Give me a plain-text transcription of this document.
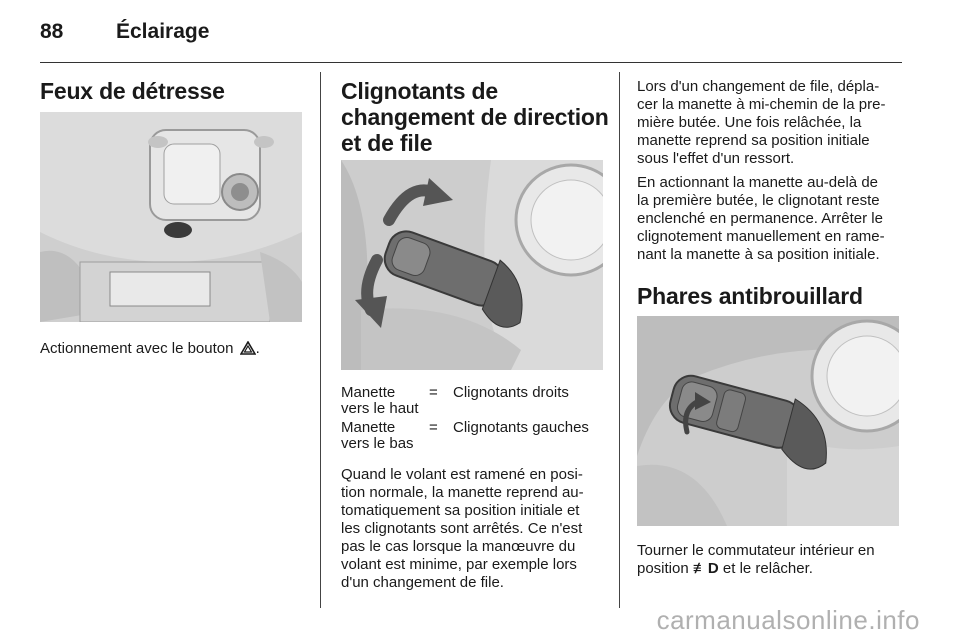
88	Éclairage
Feux de détresse
Actionnement avec le bouton .
Clignotants de
changement de direction
et de file
Manette
vers le haut
=	Clignotants droits
Manette
vers le bas
=	Clignotants gauches
Quand le volant est ramené en posi-
tion normale, la manette reprend au-
tomatiquement sa position initiale et
les clignotants sont arrêtés. Ce n'est
pas le cas lorsque la manœuvre du
volant est minime, par exemple lors
d'un changement de file.
Lors d'un changement de file, dépla-
cer la manette à mi-chemin de la pre-
mière butée. Une fois relâchée, la
manette reprend sa position initiale
sous l'effet d'un ressort.
En actionnant la manette au-delà de
la première butée, le clignotant reste
enclenché en permanence. Arrêter le
clignotement manuellement en rame-
nant la manette à sa position initiale.
Phares antibrouillard
Tourner le commutateur intérieur en
position ≢D et le relâcher.
carmanualsonline.info
